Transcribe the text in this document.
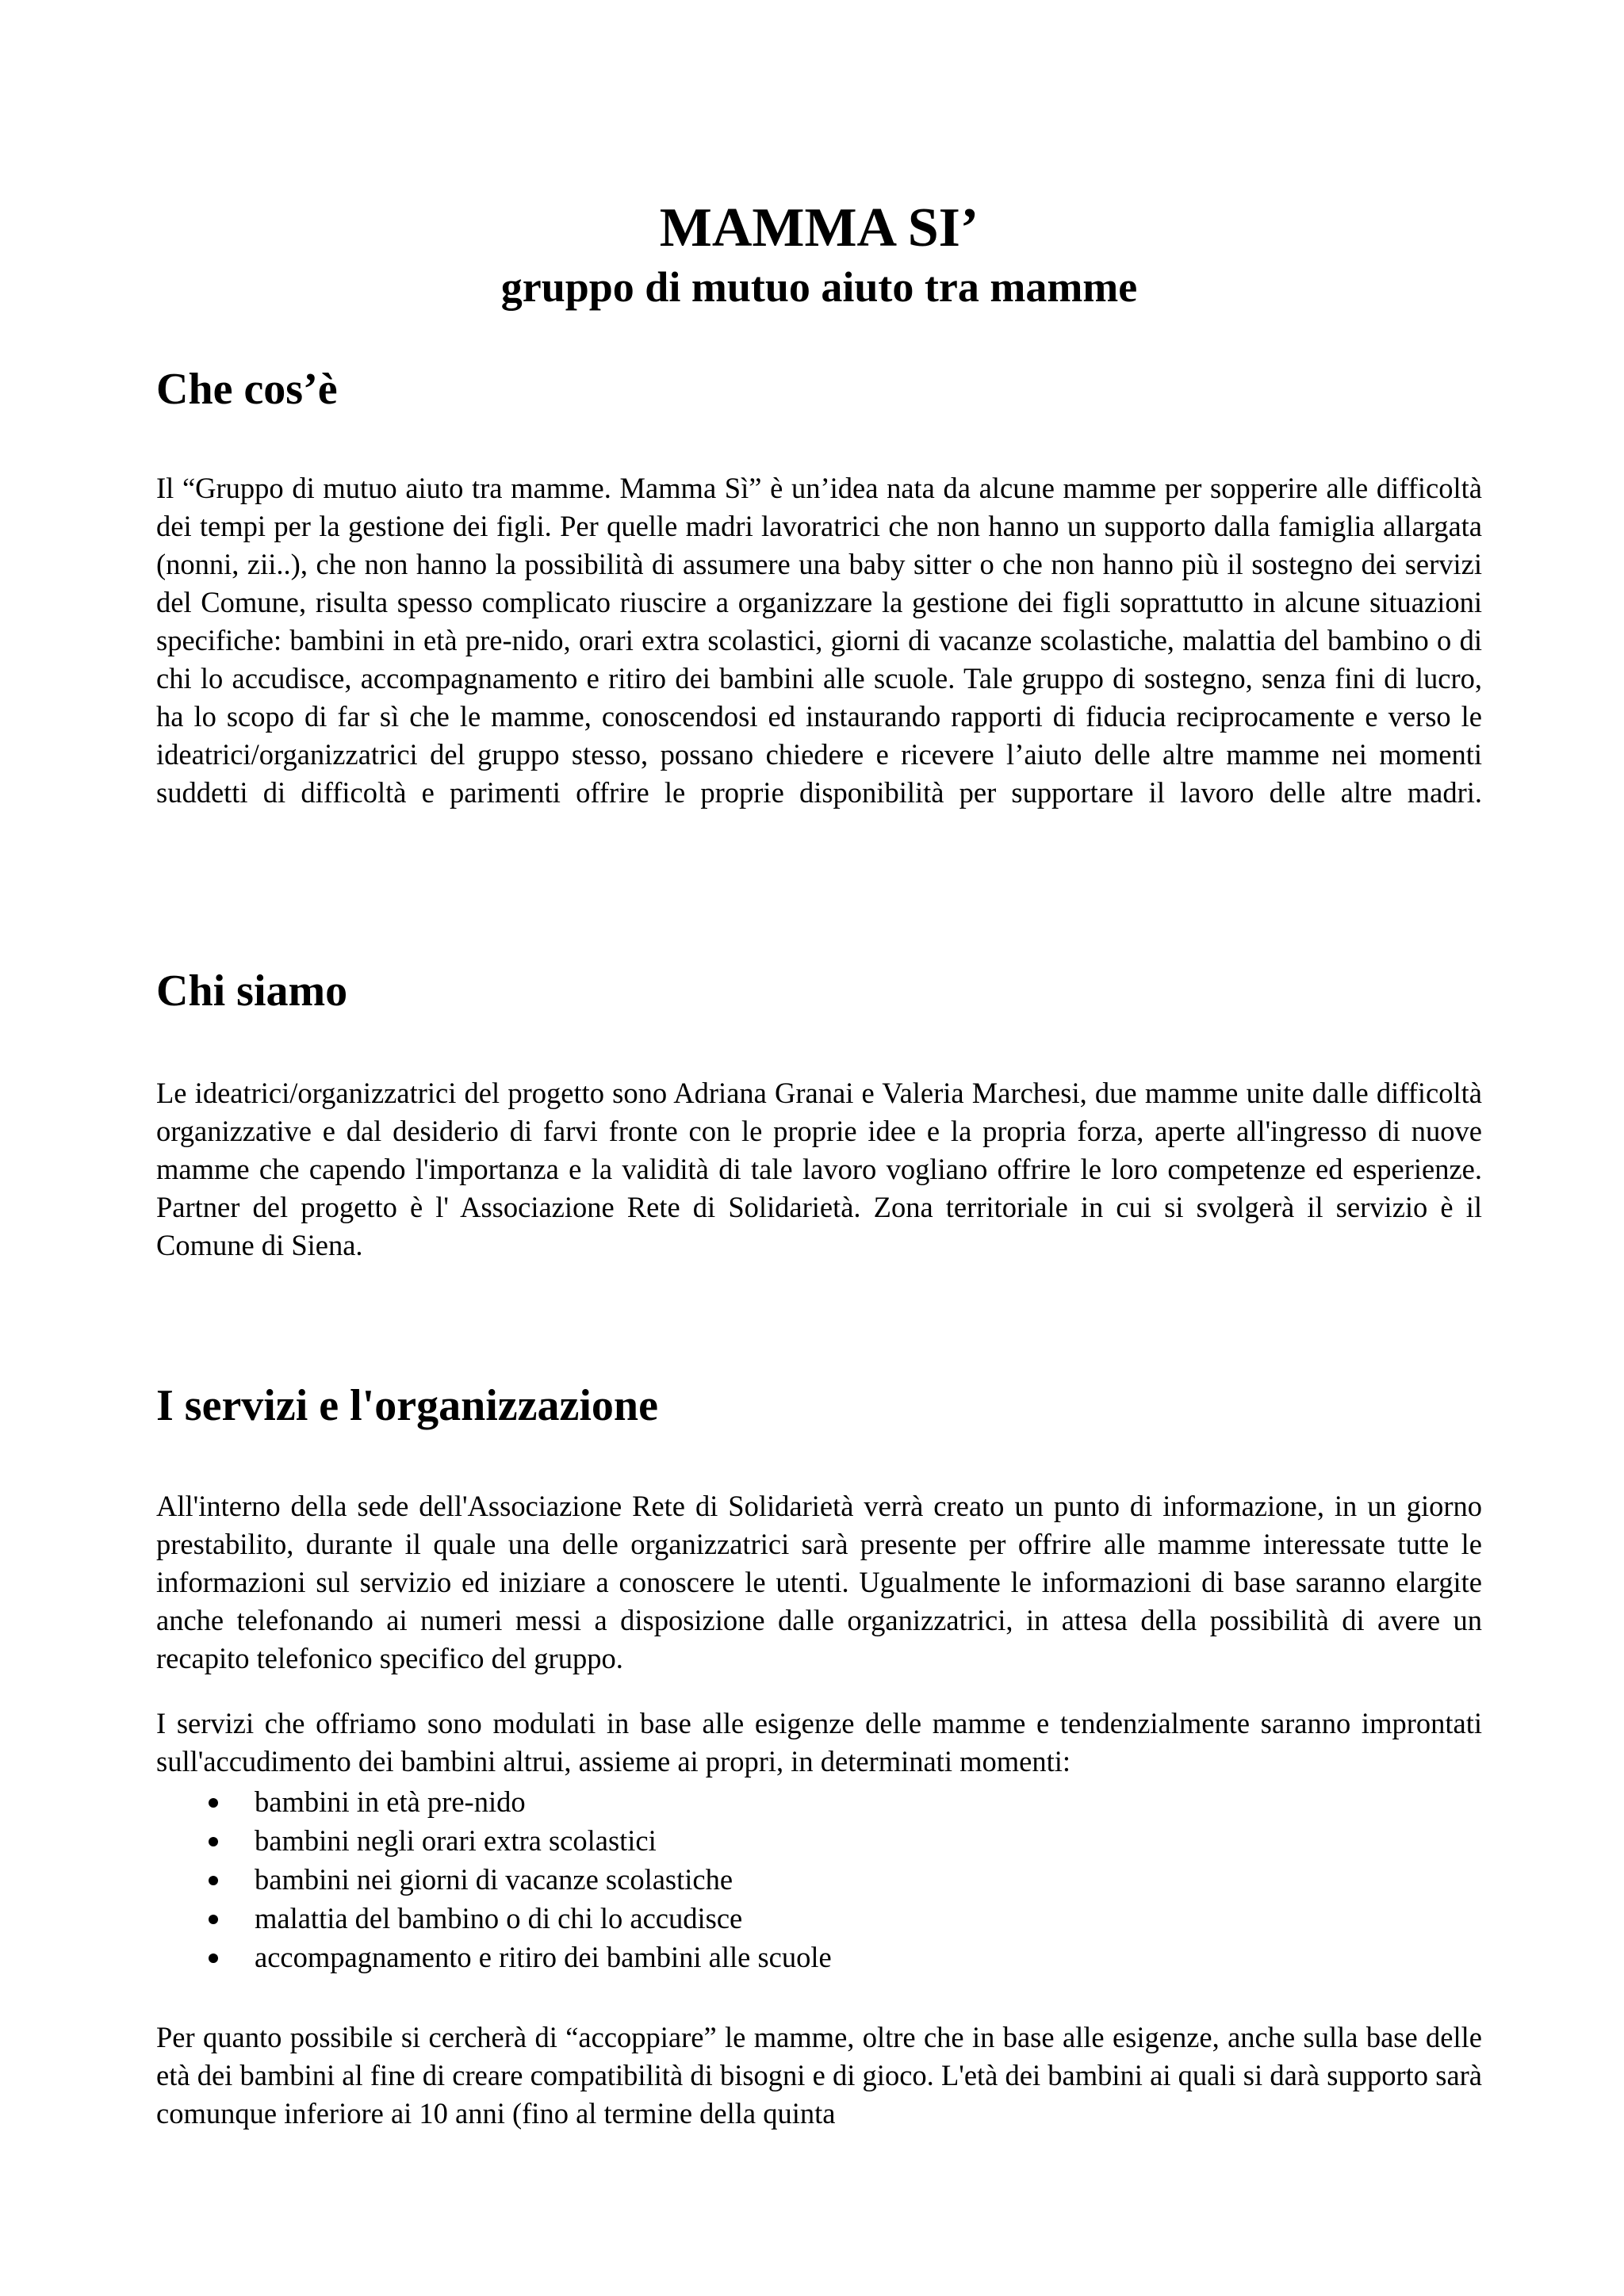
MAMMA SI’
gruppo di mutuo aiuto tra mamme
Che cos’è

Il “Gruppo di mutuo aiuto tra mamme. Mamma Sì” è un’idea nata da alcune mamme per sopperire alle difficoltà dei tempi per la gestione dei figli. Per quelle madri lavoratrici che non hanno un supporto dalla famiglia allargata (nonni, zii..), che non hanno la possibilità di assumere una baby sitter o che non hanno più il sostegno dei servizi del Comune, risulta spesso complicato riuscire a organizzare la gestione dei figli soprattutto in alcune situazioni specifiche: bambini in età pre-nido, orari extra scolastici, giorni di vacanze scolastiche, malattia del bambino o di chi lo accudisce, accompagnamento e ritiro dei bambini alle scuole. Tale gruppo di sostegno, senza fini di lucro, ha lo scopo di far sì che le mamme, conoscendosi ed instaurando rapporti di fiducia reciprocamente e verso le ideatrici/organizzatrici del gruppo stesso, possano chiedere e ricevere l’aiuto delle altre mamme nei momenti suddetti di difficoltà e parimenti offrire le proprie disponibilità per supportare il lavoro delle altre madri.

Chi siamo

Le ideatrici/organizzatrici del progetto sono Adriana Granai e Valeria Marchesi, due mamme unite dalle difficoltà organizzative e dal desiderio di farvi fronte con le proprie idee e la propria forza, aperte all'ingresso di nuove mamme che capendo l'importanza e la validità di tale lavoro vogliano offrire le loro competenze ed esperienze. Partner del progetto è l' Associazione Rete di Solidarietà. Zona territoriale in cui si svolgerà il servizio è il Comune di Siena.

I servizi e l'organizzazione

All'interno della sede dell'Associazione Rete di Solidarietà verrà creato un punto di informazione, in un giorno prestabilito, durante il quale una delle organizzatrici sarà presente per offrire alle mamme interessate tutte le informazioni sul servizio ed iniziare a conoscere le utenti. Ugualmente le informazioni di base saranno elargite anche telefonando ai numeri messi a disposizione dalle organizzatrici, in attesa della possibilità di avere un recapito telefonico specifico del gruppo.

I servizi che offriamo sono modulati in base alle esigenze delle mamme e tendenzialmente saranno improntati sull'accudimento dei bambini altrui, assieme ai propri, in determinati momenti:

bambini in età pre-nido
bambini negli orari extra scolastici
bambini nei giorni di vacanze scolastiche
malattia del bambino o di chi lo accudisce
accompagnamento e ritiro dei bambini alle scuole

Per quanto possibile si cercherà di “accoppiare” le mamme, oltre che in base alle esigenze, anche sulla base delle età dei bambini al fine di creare compatibilità di bisogni e di gioco. L'età dei bambini ai quali si darà supporto sarà comunque inferiore ai 10 anni (fino al termine della quinta
